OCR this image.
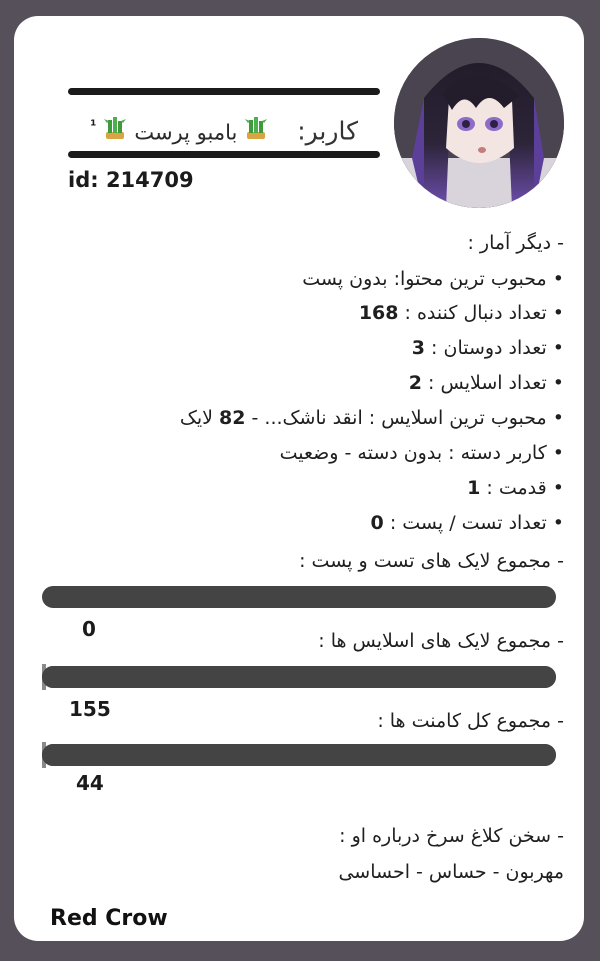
کاربر:   بامبو پرست  $^{^1}$
id: 214709
- دیگر آمار :
• محبوب ترین محتوا: بدون پست
• تعداد دنبال کننده : 168
• تعداد دوستان : 3
• تعداد اسلایس : 2
• محبوب ترین اسلایس : انقد ناشک... - 82 لایک
• کاربر دسته : بدون دسته - وضعیت
• قدمت : 1
• تعداد تست / پست : 0
- مجموع لایک های تست و پست :
0	- مجموع لایک های اسلایس ها :
155	- مجموع کل کامنت ها :
44
- سخن کلاغ سرخ درباره او :
مهربون - حساس - احساسی
Red Crow
